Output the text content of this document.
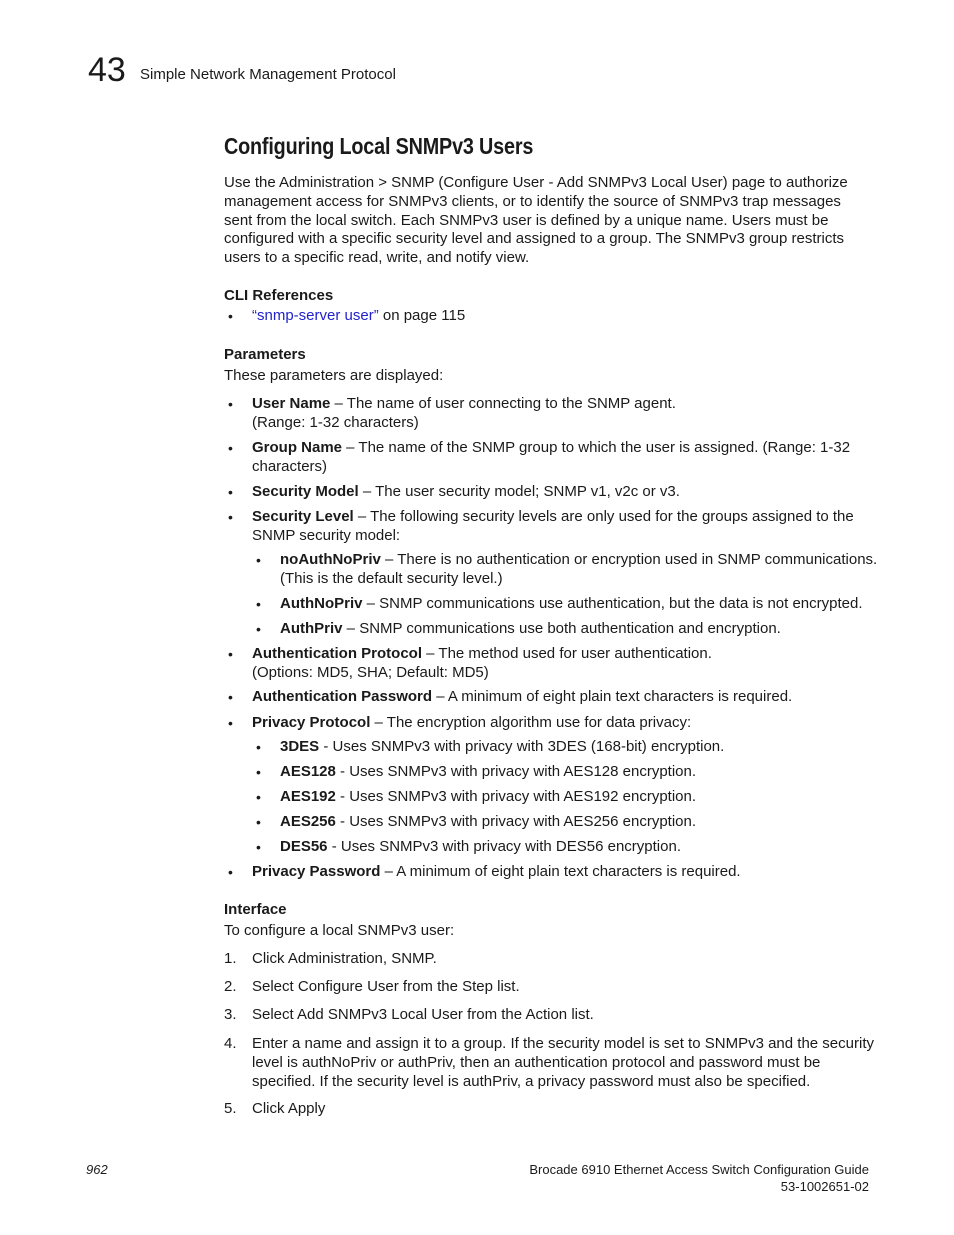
43 Simple Network Management Protocol
Configuring Local SNMPv3 Users

Use the Administration > SNMP (Configure User - Add SNMPv3 Local User) page to authorize management access for SNMPv3 clients, or to identify the source of SNMPv3 trap messages sent from the local switch. Each SNMPv3 user is defined by a unique name. Users must be configured with a specific security level and assigned to a group. The SNMPv3 group restricts users to a specific read, write, and notify view.

CLI References
• “snmp-server user” on page 115
Parameters
These parameters are displayed:
• User Name – The name of user connecting to the SNMP agent.
(Range: 1-32 characters)
• Group Name – The name of the SNMP group to which the user is assigned. (Range: 1-32
characters)
• Security Model – The user security model; SNMP v1, v2c or v3.
• Security Level – The following security levels are only used for the groups assigned to the
SNMP security model:
• noAuthNoPriv – There is no authentication or encryption used in SNMP communications.
(This is the default security level.)
• AuthNoPriv – SNMP communications use authentication, but the data is not encrypted.
• AuthPriv – SNMP communications use both authentication and encryption.
• Authentication Protocol – The method used for user authentication.
(Options: MD5, SHA; Default: MD5)
• Authentication Password – A minimum of eight plain text characters is required.
• Privacy Protocol – The encryption algorithm use for data privacy:
• 3DES - Uses SNMPv3 with privacy with 3DES (168-bit) encryption.
• AES128 - Uses SNMPv3 with privacy with AES128 encryption.
• AES192 - Uses SNMPv3 with privacy with AES192 encryption.
• AES256 - Uses SNMPv3 with privacy with AES256 encryption.
• DES56 - Uses SNMPv3 with privacy with DES56 encryption.
• Privacy Password – A minimum of eight plain text characters is required.
Interface
To configure a local SNMPv3 user:
1. Click Administration, SNMP.
2. Select Configure User from the Step list.
3. Select Add SNMPv3 Local User from the Action list.
4. Enter a name and assign it to a group. If the security model is set to SNMPv3 and the security
level is authNoPriv or authPriv, then an authentication protocol and password must be
specified. If the security level is authPriv, a privacy password must also be specified.
5. Click Apply
962	Brocade 6910 Ethernet Access Switch Configuration Guide
53-1002651-02
